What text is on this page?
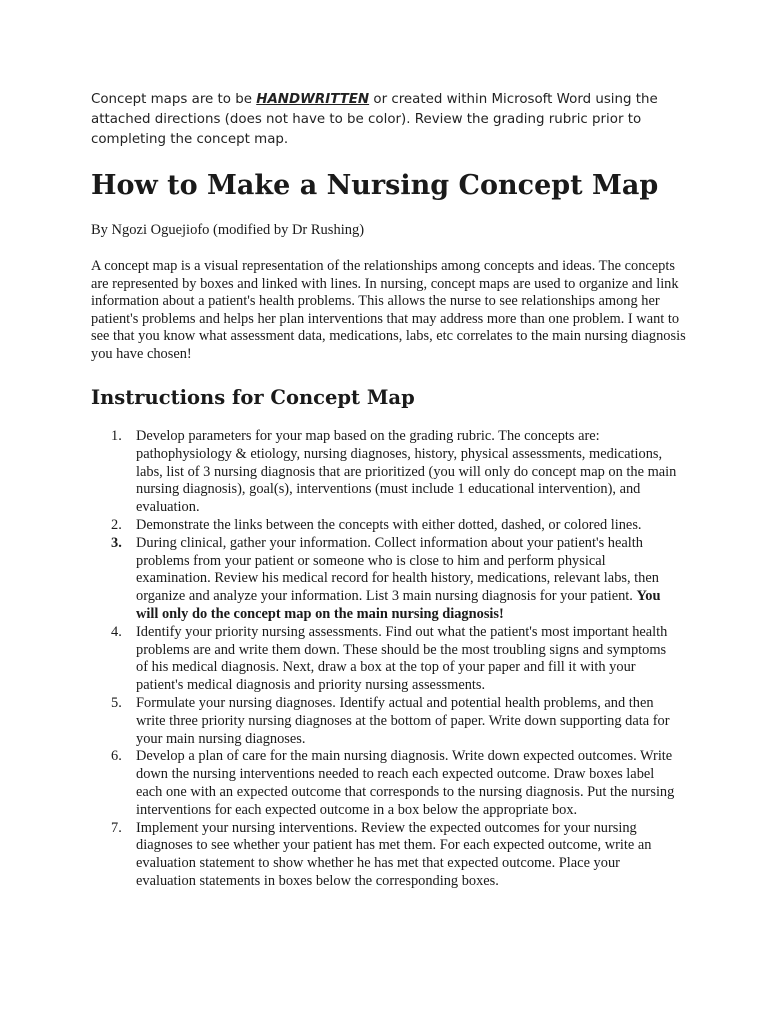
Concept maps are to be HANDWRITTEN or created within Microsoft Word using the attached directions (does not have to be color). Review the grading rubric prior to completing the concept map.

How to Make a Nursing Concept Map

By Ngozi Oguejiofo (modified by Dr Rushing)

A concept map is a visual representation of the relationships among concepts and ideas. The concepts are represented by boxes and linked with lines. In nursing, concept maps are used to organize and link information about a patient's health problems. This allows the nurse to see relationships among her patient's problems and helps her plan interventions that may address more than one problem. I want to see that you know what assessment data, medications, labs, etc correlates to the main nursing diagnosis you have chosen!

Instructions for Concept Map
1. Develop parameters for your map based on the grading rubric. The concepts are: pathophysiology & etiology, nursing diagnoses, history, physical assessments, medications, labs, list of 3 nursing diagnosis that are prioritized (you will only do concept map on the main nursing diagnosis), goal(s), interventions (must include 1 educational intervention), and evaluation.
2. Demonstrate the links between the concepts with either dotted, dashed, or colored lines.
3. During clinical, gather your information. Collect information about your patient's health problems from your patient or someone who is close to him and perform physical examination. Review his medical record for health history, medications, relevant labs, then organize and analyze your information. List 3 main nursing diagnosis for your patient. You will only do the concept map on the main nursing diagnosis!
4. Identify your priority nursing assessments. Find out what the patient's most important health problems are and write them down. These should be the most troubling signs and symptoms of his medical diagnosis. Next, draw a box at the top of your paper and fill it with your patient's medical diagnosis and priority nursing assessments.
5. Formulate your nursing diagnoses. Identify actual and potential health problems, and then write three priority nursing diagnoses at the bottom of paper. Write down supporting data for your main nursing diagnoses.
6. Develop a plan of care for the main nursing diagnosis. Write down expected outcomes. Write down the nursing interventions needed to reach each expected outcome. Draw boxes label each one with an expected outcome that corresponds to the nursing diagnosis. Put the nursing interventions for each expected outcome in a box below the appropriate box.
7. Implement your nursing interventions. Review the expected outcomes for your nursing diagnoses to see whether your patient has met them. For each expected outcome, write an evaluation statement to show whether he has met that expected outcome. Place your evaluation statements in boxes below the corresponding boxes.
